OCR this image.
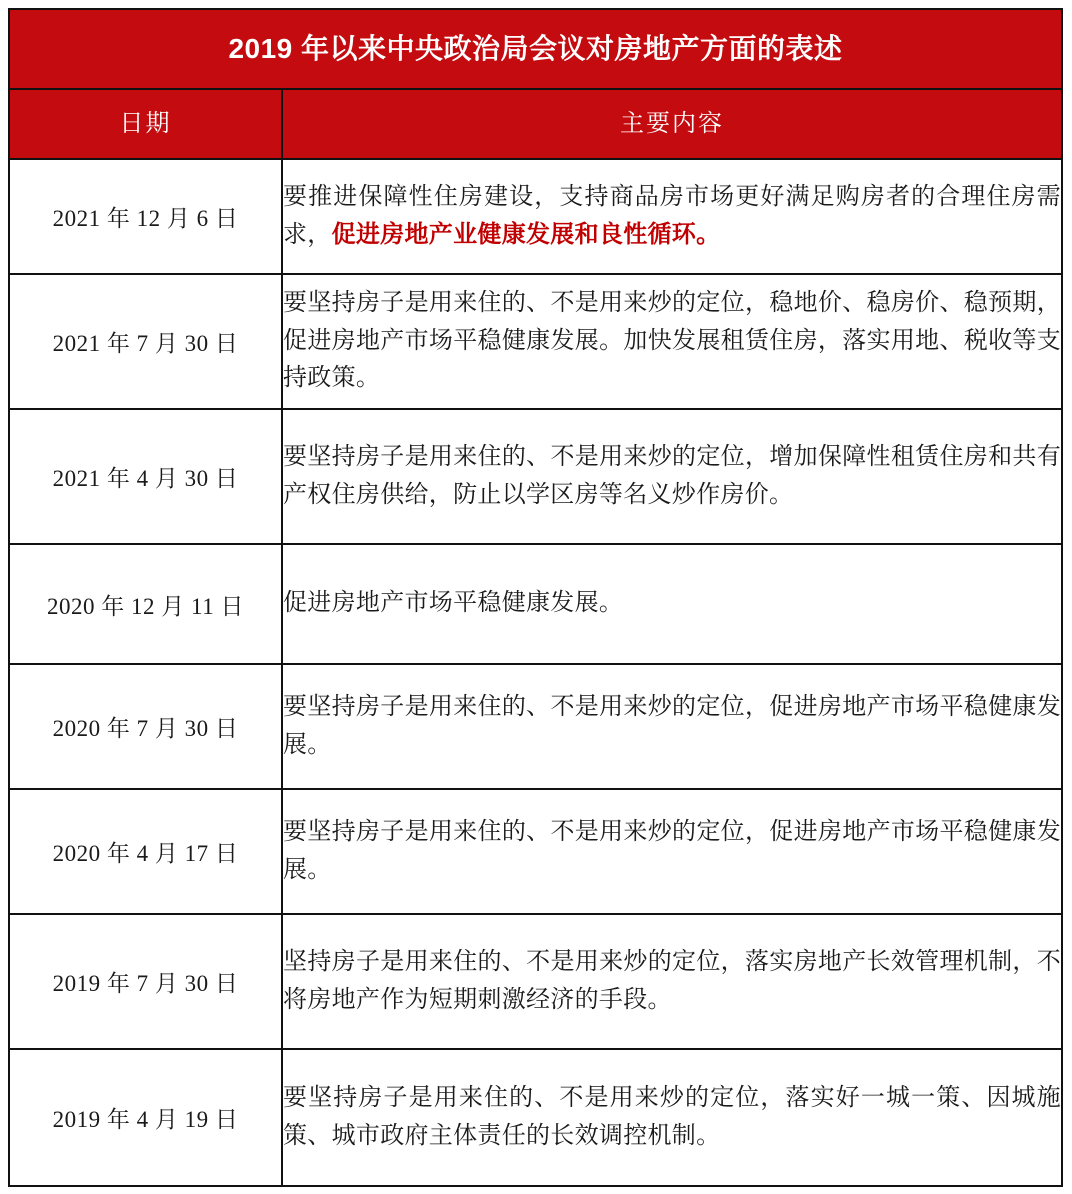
2019 年以来中央政治局会议对房地产方面的表述	
日期	主要内容
2021 年 12 月 6 日	要推进保障性住房建设，支持商品房市场更好满足购房者的合理住房需求，促进房地产业健康发展和良性循环。
2021 年 7 月 30 日	要坚持房子是用来住的、不是用来炒的定位，稳地价、稳房价、稳预期，促进房地产市场平稳健康发展。加快发展租赁住房，落实用地、税收等支持政策。
2021 年 4 月 30 日	要坚持房子是用来住的、不是用来炒的定位，增加保障性租赁住房和共有产权住房供给，防止以学区房等名义炒作房价。
2020 年 12 月 11 日	促进房地产市场平稳健康发展。
2020 年 7 月 30 日	要坚持房子是用来住的、不是用来炒的定位，促进房地产市场平稳健康发展。
2020 年 4 月 17 日	要坚持房子是用来住的、不是用来炒的定位，促进房地产市场平稳健康发展。
2019 年 7 月 30 日	坚持房子是用来住的、不是用来炒的定位，落实房地产长效管理机制，不将房地产作为短期刺激经济的手段。
2019 年 4 月 19 日	要坚持房子是用来住的、不是用来炒的定位，落实好一城一策、因城施策、城市政府主体责任的长效调控机制。
